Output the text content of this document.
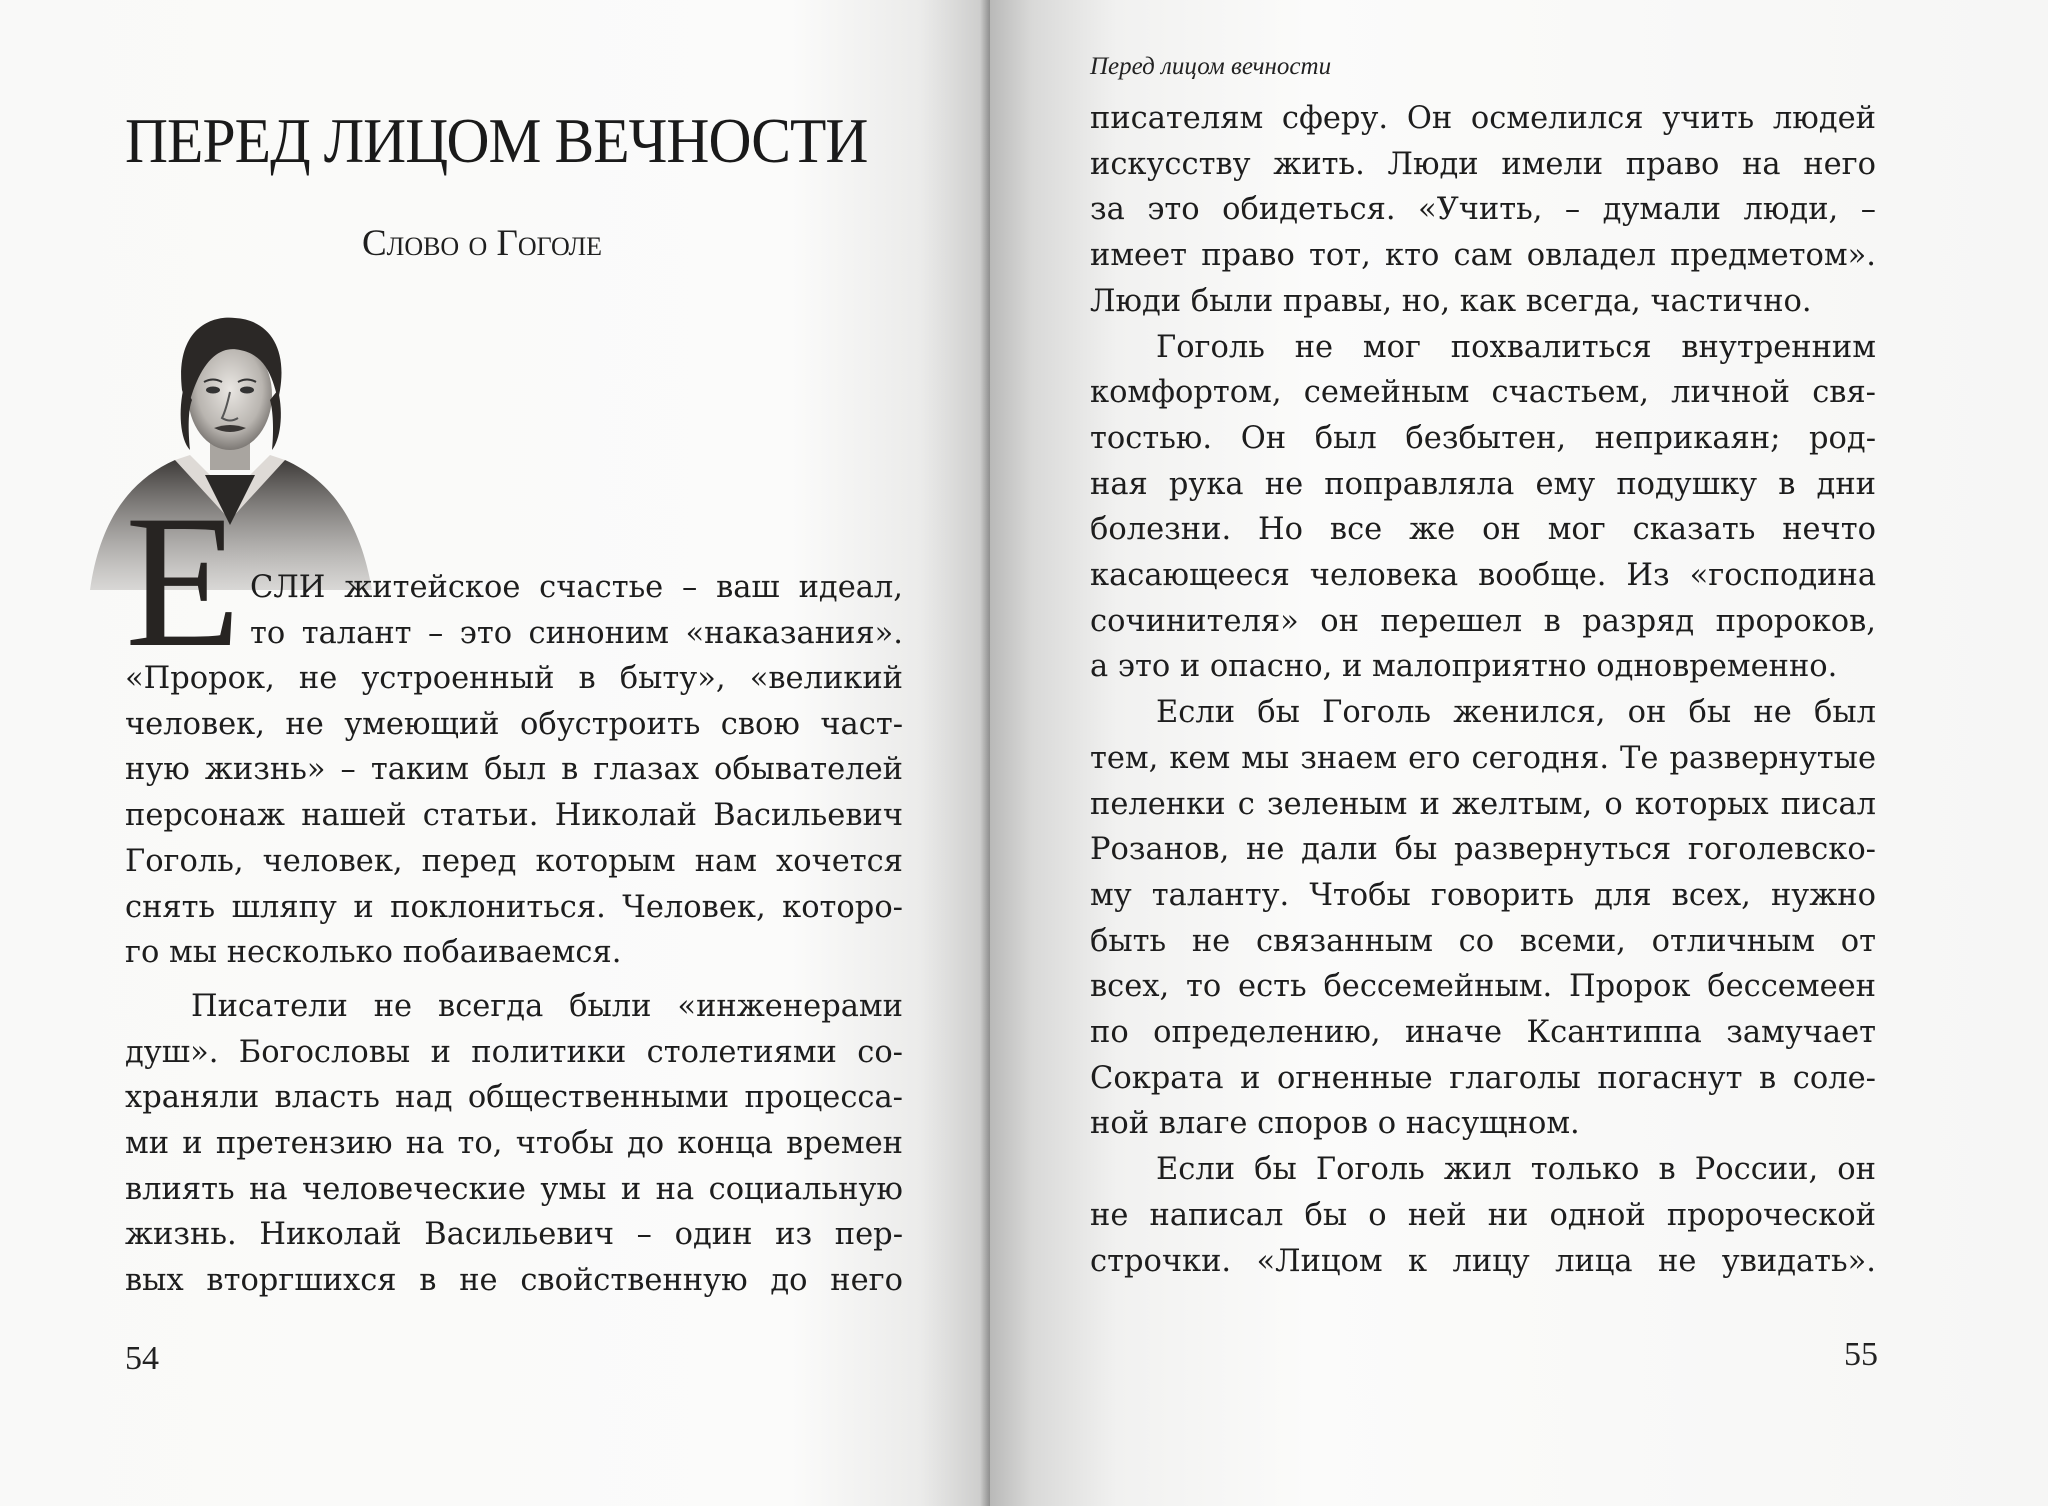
ПЕРЕД ЛИЦОМ ВЕЧНОСТИ
Слово о Гоголе
Е СЛИ житейское счастье – ваш идеал,
то талант – это синоним «наказания».

«Пророк, не устроенный в быту», «великий
человек, не умеющий обустроить свою част-
ную жизнь» – таким был в глазах обывателей
персонаж нашей статьи. Николай Васильевич
Гоголь, человек, перед которым нам хочется
снять шляпу и поклониться. Человек, которо-
го мы несколько побаиваемся.

Писатели не всегда были «инженерами
душ». Богословы и политики столетиями со-
храняли власть над общественными процесса-
ми и претензию на то, чтобы до конца времен
влиять на человеческие умы и на социальную
жизнь. Николай Васильевич – один из пер-
вых вторгшихся в не свойственную до него

54
Перед лицом вечности

писателям сферу. Он осмелился учить людей
искусству жить. Люди имели право на него
за это обидеться. «Учить, – думали люди, –
имеет право тот, кто сам овладел предметом».
Люди были правы, но, как всегда, частично.

Гоголь не мог похвалиться внутренним
комфортом, семейным счастьем, личной свя-
тостью. Он был безбытен, неприкаян; род-
ная рука не поправляла ему подушку в дни
болезни. Но все же он мог сказать нечто
касающееся человека вообще. Из «господина
сочинителя» он перешел в разряд пророков,
а это и опасно, и малоприятно одновременно.

Если бы Гоголь женился, он бы не был
тем, кем мы знаем его сегодня. Те развернутые
пеленки с зеленым и желтым, о которых писал
Розанов, не дали бы развернуться гоголевско-
му таланту. Чтобы говорить для всех, нужно
быть не связанным со всеми, отличным от
всех, то есть бессемейным. Пророк бессемеен
по определению, иначе Ксантиппа замучает
Сократа и огненные глаголы погаснут в соле-
ной влаге споров о насущном.

Если бы Гоголь жил только в России, он
не написал бы о ней ни одной пророческой
строчки. «Лицом к лицу лица не увидать».

55
